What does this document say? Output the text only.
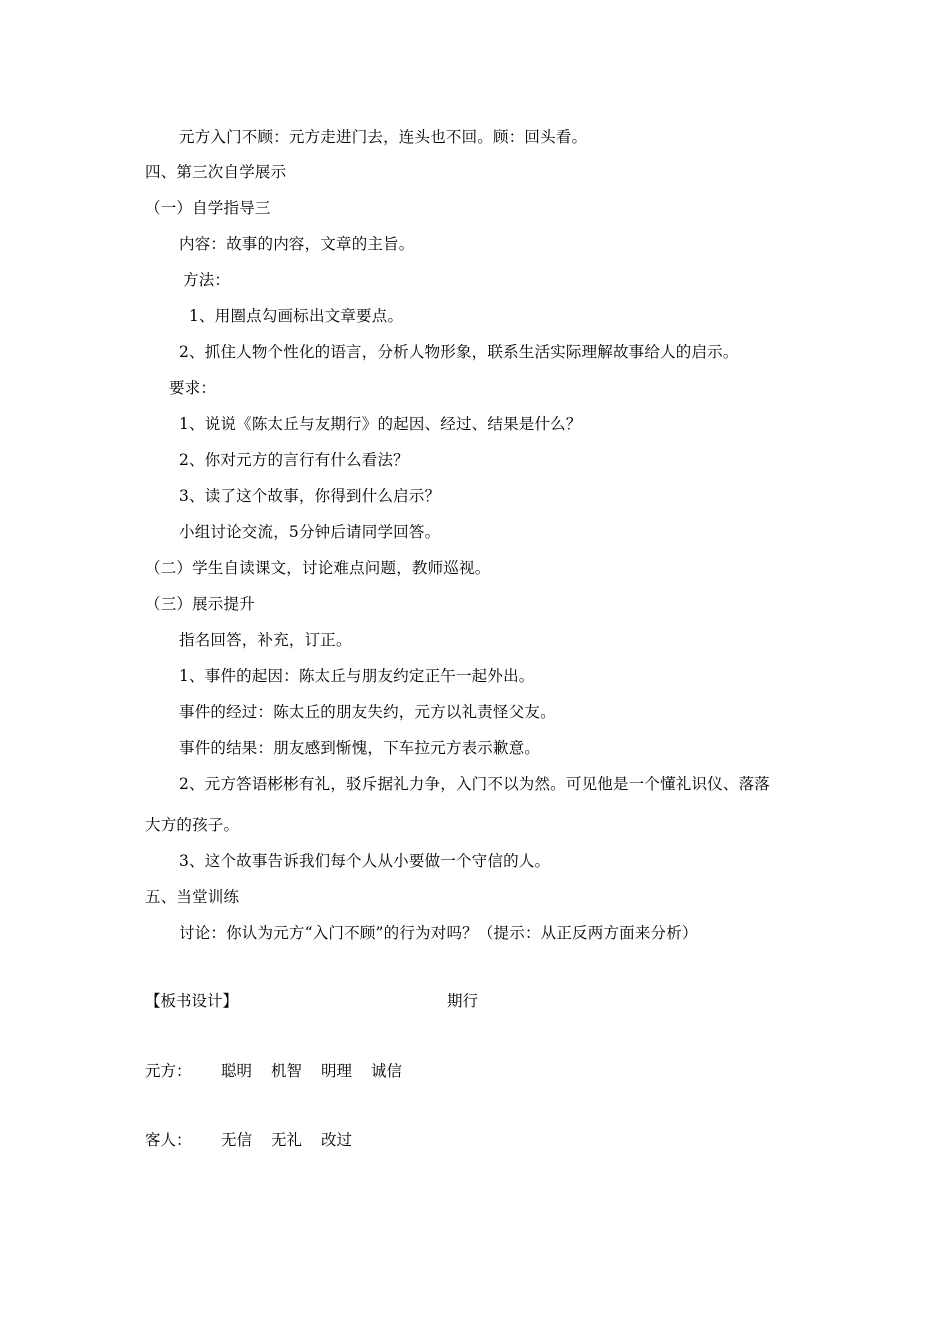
元方入门不顾：元方走进门去，连头也不回。顾：回头看。
四、第三次自学展示
（一）自学指导三
内容：故事的内容，文章的主旨。
方法：
1、用圈点勾画标出文章要点。
2、抓住人物个性化的语言，分析人物形象，联系生活实际理解故事给人的启示。
要求：
1、说说《陈太丘与友期行》的起因、经过、结果是什么？
2、你对元方的言行有什么看法？
3、读了这个故事，你得到什么启示？
小组讨论交流，5分钟后请同学回答。
（二）学生自读课文，讨论难点问题，教师巡视。
（三）展示提升
指名回答，补充，订正。
1、事件的起因：陈太丘与朋友约定正午一起外出。
事件的经过：陈太丘的朋友失约，元方以礼责怪父友。
事件的结果：朋友感到惭愧，下车拉元方表示歉意。
2、元方答语彬彬有礼，驳斥据礼力争，入门不以为然。可见他是一个懂礼识仪、落落
大方的孩子。
3、这个故事告诉我们每个人从小要做一个守信的人。
五、当堂训练
讨论：你认为元方“入门不顾”的行为对吗？（提示：从正反两方面来分析）
【板书设计】	期行
元方： 聪明 机智 明理 诚信
客人： 无信 无礼 改过
